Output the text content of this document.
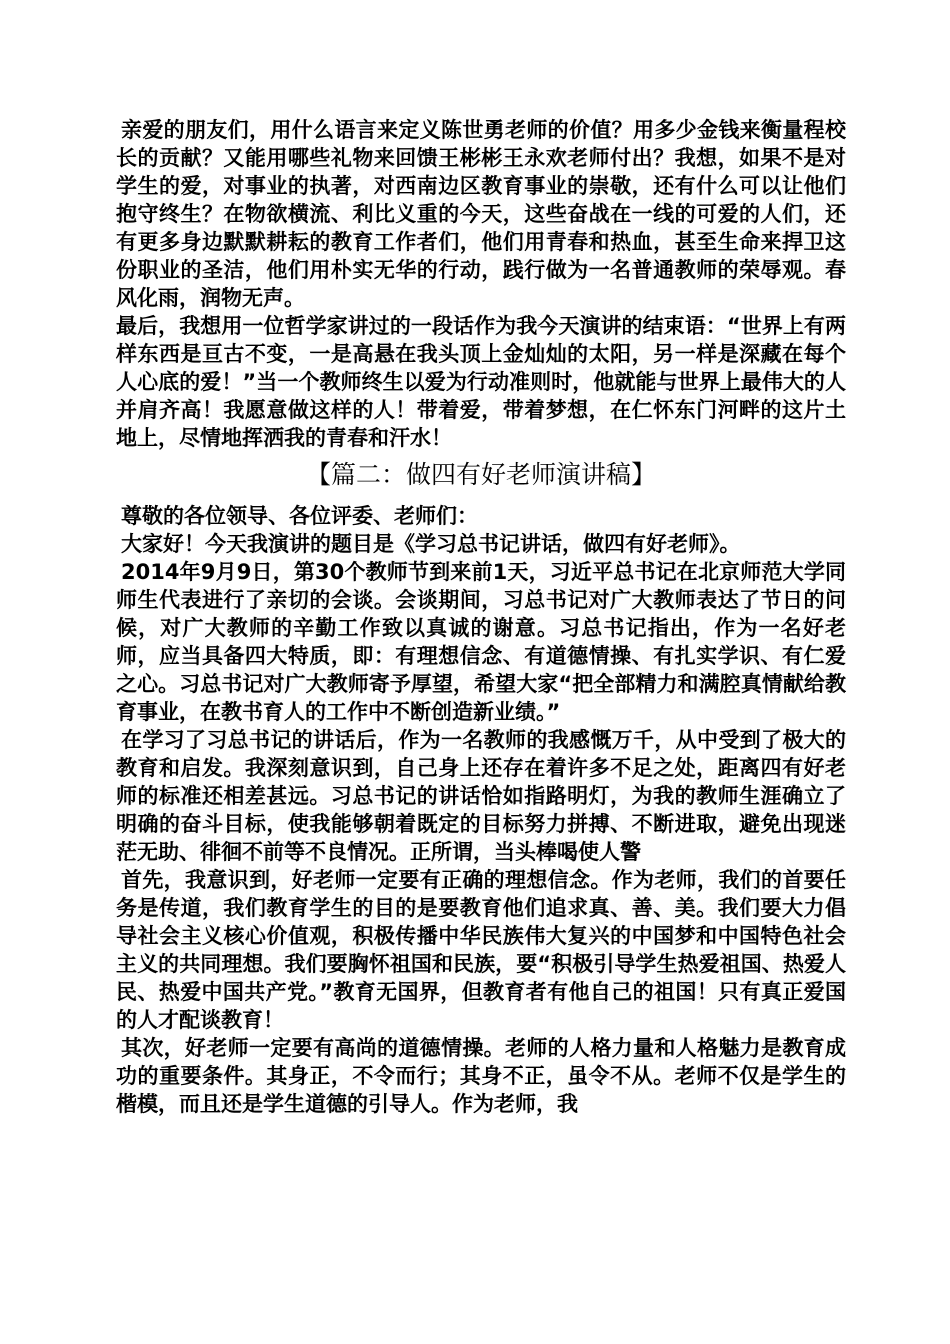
亲爱的朋友们，用什么语言来定义陈世勇老师的价值？用多少金钱来衡量程校长的贡献？又能用哪些礼物来回馈王彬彬王永欢老师付出？我想，如果不是对学生的爱，对事业的执著，对西南边区教育事业的崇敬，还有什么可以让他们抱守终生？在物欲横流、利比义重的今天，这些奋战在一线的可爱的人们，还有更多身边默默耕耘的教育工作者们，他们用青春和热血，甚至生命来捍卫这份职业的圣洁，他们用朴实无华的行动，践行做为一名普通教师的荣辱观。春风化雨，润物无声。

最后，我想用一位哲学家讲过的一段话作为我今天演讲的结束语：“世界上有两样东西是亘古不变，一是高悬在我头顶上金灿灿的太阳，另一样是深藏在每个人心底的爱！”当一个教师终生以爱为行动准则时，他就能与世界上最伟大的人并肩齐高！我愿意做这样的人！带着爱，带着梦想，在仁怀东门河畔的这片土地上，尽情地挥洒我的青春和汗水！

【篇二：做四有好老师演讲稿】

尊敬的各位领导、各位评委、老师们：

大家好！今天我演讲的题目是《学习总书记讲话，做四有好老师》。

2014年9月9日，第30个教师节到来前1天，习近平总书记在北京师范大学同师生代表进行了亲切的会谈。会谈期间，习总书记对广大教师表达了节日的问候，对广大教师的辛勤工作致以真诚的谢意。习总书记指出，作为一名好老师，应当具备四大特质，即：有理想信念、有道德情操、有扎实学识、有仁爱之心。习总书记对广大教师寄予厚望，希望大家“把全部精力和满腔真情献给教育事业，在教书育人的工作中不断创造新业绩。”

在学习了习总书记的讲话后，作为一名教师的我感慨万千，从中受到了极大的教育和启发。我深刻意识到，自己身上还存在着许多不足之处，距离四有好老师的标准还相差甚远。习总书记的讲话恰如指路明灯，为我的教师生涯确立了明确的奋斗目标，使我能够朝着既定的目标努力拼搏、不断进取，避免出现迷茫无助、徘徊不前等不良情况。正所谓，当头棒喝使人警

首先，我意识到，好老师一定要有正确的理想信念。作为老师，我们的首要任务是传道，我们教育学生的目的是要教育他们追求真、善、美。我们要大力倡导社会主义核心价值观，积极传播中华民族伟大复兴的中国梦和中国特色社会主义的共同理想。我们要胸怀祖国和民族，要“积极引导学生热爱祖国、热爱人民、热爱中国共产党。”教育无国界，但教育者有他自己的祖国！只有真正爱国的人才配谈教育！

其次，好老师一定要有高尚的道德情操。老师的人格力量和人格魅力是教育成功的重要条件。其身正，不令而行；其身不正，虽令不从。老师不仅是学生的楷模，而且还是学生道德的引导人。作为老师，我
